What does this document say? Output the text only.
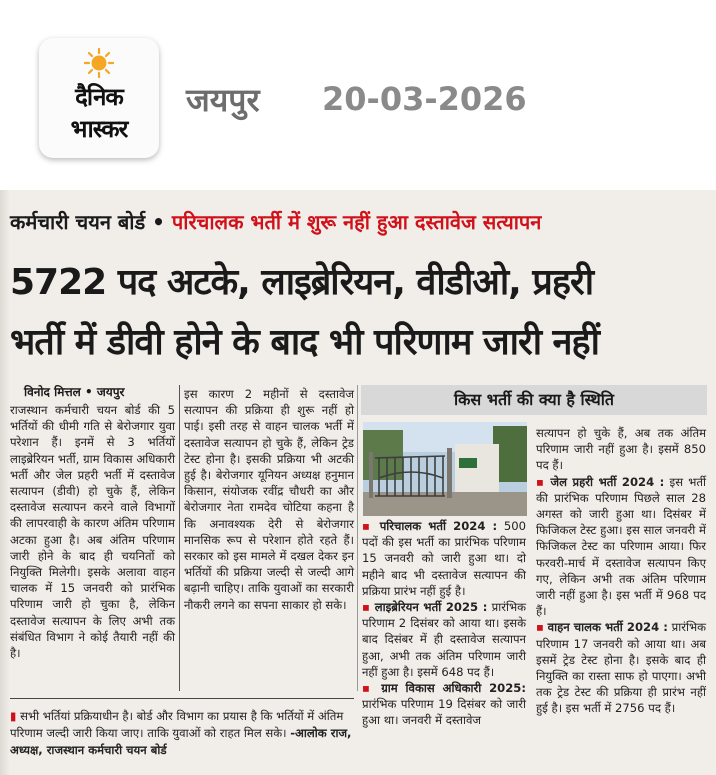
दैनिक
भास्कर
जयपुर 20-03-2026
कर्मचारी चयन बोर्ड • परिचालक भर्ती में शुरू नहीं हुआ दस्तावेज सत्यापन
5722 पद अटके, लाइब्रेरियन, वीडीओ, प्रहरी
भर्ती में डीवी होने के बाद भी परिणाम जारी नहीं
विनोद मित्तल • जयपुर
राजस्थान कर्मचारी चयन बोर्ड की 5 भर्तियों की धीमी गति से बेरोजगार युवा परेशान हैं। इनमें से 3 भर्तियों लाइब्रेरियन भर्ती, ग्राम विकास अधिकारी भर्ती और जेल प्रहरी भर्ती में दस्तावेज सत्यापन (डीवी) हो चुके हैं, लेकिन दस्तावेज सत्यापन करने वाले विभागों की लापरवाही के कारण अंतिम परिणाम अटका हुआ है। अब अंतिम परिणाम जारी होने के बाद ही चयनितों को नियुक्ति मिलेगी। इसके अलावा वाहन चालक में 15 जनवरी को प्रारंभिक परिणाम जारी हो चुका है, लेकिन दस्तावेज सत्यापन के लिए अभी तक संबंधित विभाग ने कोई तैयारी नहीं की है।
इस कारण 2 महीनों से दस्तावेज सत्यापन की प्रक्रिया ही शुरू नहीं हो पाई। इसी तरह से वाहन चालक भर्ती में दस्तावेज सत्यापन हो चुके हैं, लेकिन ट्रेड टेस्ट होना है। इसकी प्रक्रिया भी अटकी हुई है। बेरोजगार यूनियन अध्यक्ष हनुमान किसान, संयोजक रवींद्र चौधरी का और बेरोजगार नेता रामदेव चोटिया कहना है कि अनावश्यक देरी से बेरोजगार मानसिक रूप से परेशान होते रहते हैं। सरकार को इस मामले में दखल देकर इन भर्तियों की प्रक्रिया जल्दी से जल्दी आगे बढ़ानी चाहिए। ताकि युवाओं का सरकारी नौकरी लगने का सपना साकार हो सके।
▮ सभी भर्तियां प्रक्रियाधीन है। बोर्ड और विभाग का प्रयास है कि भर्तियों में अंतिम परिणाम जल्दी जारी किया जाए। ताकि युवाओं को राहत मिल सके। -आलोक राज, अध्यक्ष, राजस्थान कर्मचारी चयन बोर्ड
किस भर्ती की क्या है स्थिति
▪ परिचालक भर्ती 2024 : 500 पदों की इस भर्ती का प्रारंभिक परिणाम 15 जनवरी को जारी हुआ था। दो महीने बाद भी दस्तावेज सत्यापन की प्रक्रिया प्रारंभ नहीं हुई है।
▪ लाइब्रेरियन भर्ती 2025 : प्रारंभिक परिणाम 2 दिसंबर को आया था। इसके बाद दिसंबर में ही दस्तावेज सत्यापन हुआ, अभी तक अंतिम परिणाम जारी नहीं हुआ है। इसमें 648 पद हैं।
▪ ग्राम विकास अधिकारी 2025: प्रारंभिक परिणाम 19 दिसंबर को जारी हुआ था। जनवरी में दस्तावेज
सत्यापन हो चुके हैं, अब तक अंतिम परिणाम जारी नहीं हुआ है। इसमें 850 पद हैं।
▪ जेल प्रहरी भर्ती 2024 : इस भर्ती की प्रारंभिक परिणाम पिछले साल 28 अगस्त को जारी हुआ था। दिसंबर में फिजिकल टेस्ट हुआ। इस साल जनवरी में फिजिकल टेस्ट का परिणाम आया। फिर फरवरी-मार्च में दस्तावेज सत्यापन किए गए, लेकिन अभी तक अंतिम परिणाम जारी नहीं हुआ है। इस भर्ती में 968 पद हैं।
▪ वाहन चालक भर्ती 2024 : प्रारंभिक परिणाम 17 जनवरी को आया था। अब इसमें ट्रेड टेस्ट होना है। इसके बाद ही नियुक्ति का रास्ता साफ हो पाएगा। अभी तक ट्रेड टेस्ट की प्रक्रिया ही प्रारंभ नहीं हुई है। इस भर्ती में 2756 पद हैं।
